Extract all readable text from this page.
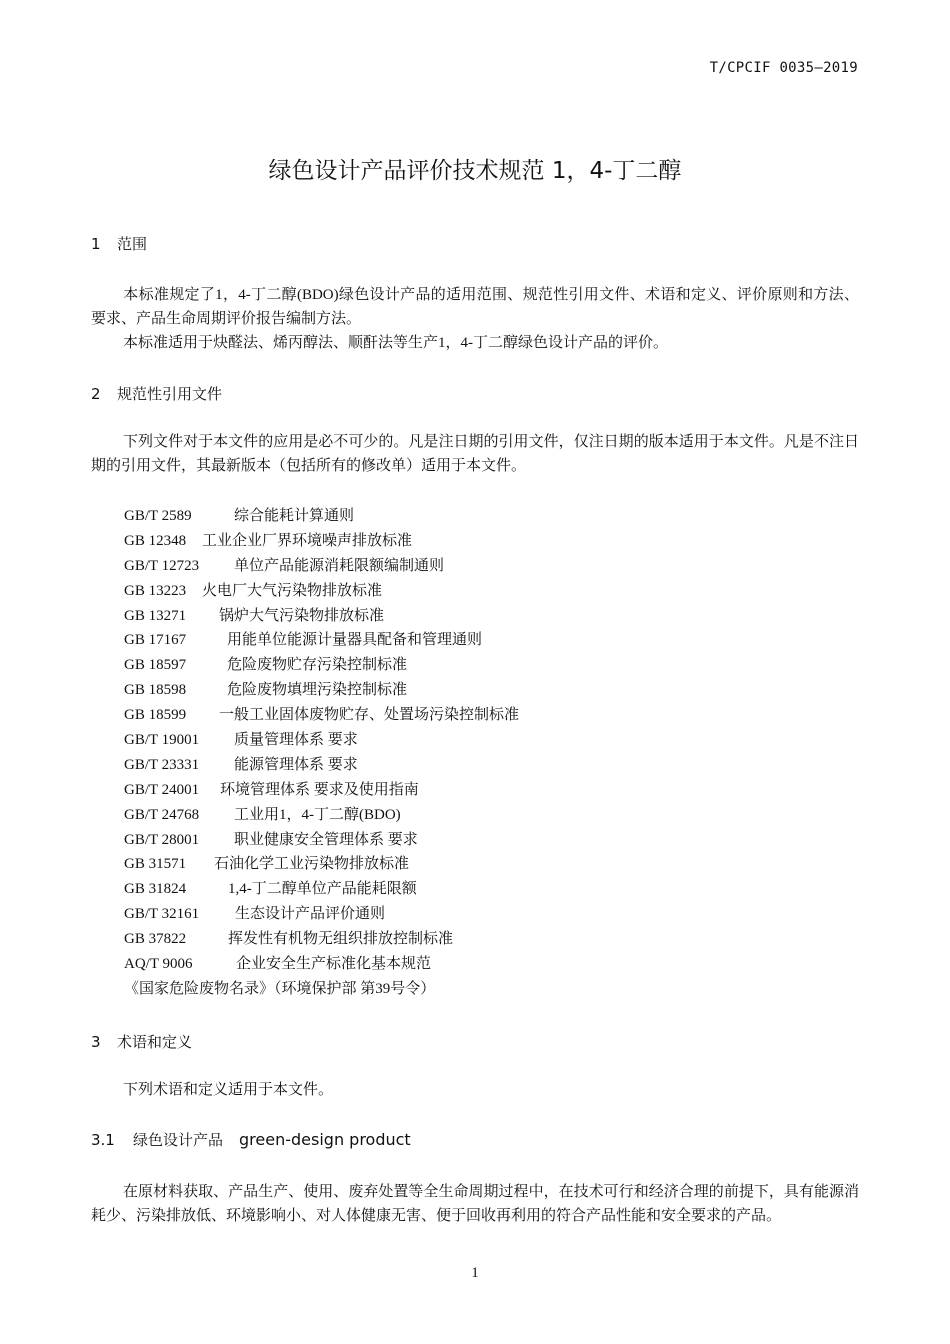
T/CPCIF 0035—2019
绿色设计产品评价技术规范 1，4-丁二醇
1 范围
本标准规定了1，4-丁二醇(BDO)绿色设计产品的适用范围、规范性引用文件、术语和定义、评价原则和方法、要求、产品生命周期评价报告编制方法。
本标准适用于炔醛法、烯丙醇法、顺酐法等生产1，4-丁二醇绿色设计产品的评价。
2 规范性引用文件
下列文件对于本文件的应用是必不可少的。凡是注日期的引用文件，仅注日期的版本适用于本文件。凡是不注日期的引用文件，其最新版本（包括所有的修改单）适用于本文件。
GB/T 2589	综合能耗计算通则
GB 12348 工业企业厂界环境噪声排放标准
GB/T 12723 单位产品能源消耗限额编制通则
GB 13223 火电厂大气污染物排放标准
GB 13271 锅炉大气污染物排放标准
GB 17167	用能单位能源计量器具配备和管理通则
GB 18597	危险废物贮存污染控制标准
GB 18598	危险废物填埋污染控制标准
GB 18599 一般工业固体废物贮存、处置场污染控制标准
GB/T 19001 质量管理体系 要求
GB/T 23331 能源管理体系 要求
GB/T 24001 环境管理体系 要求及使用指南
GB/T 24768 工业用1，4-丁二醇(BDO)
GB/T 28001 职业健康安全管理体系 要求
GB 31571 石油化学工业污染物排放标准
GB 31824	1,4-丁二醇单位产品能耗限额
GB/T 32161 生态设计产品评价通则
GB 37822	挥发性有机物无组织排放控制标准
AQ/T 9006	企业安全生产标准化基本规范
《国家危险废物名录》（环境保护部 第39号令）
3 术语和定义
下列术语和定义适用于本文件。
3.1 绿色设计产品 green-design product
在原材料获取、产品生产、使用、废弃处置等全生命周期过程中，在技术可行和经济合理的前提下，具有能源消耗少、污染排放低、环境影响小、对人体健康无害、便于回收再利用的符合产品性能和安全要求的产品。
1
